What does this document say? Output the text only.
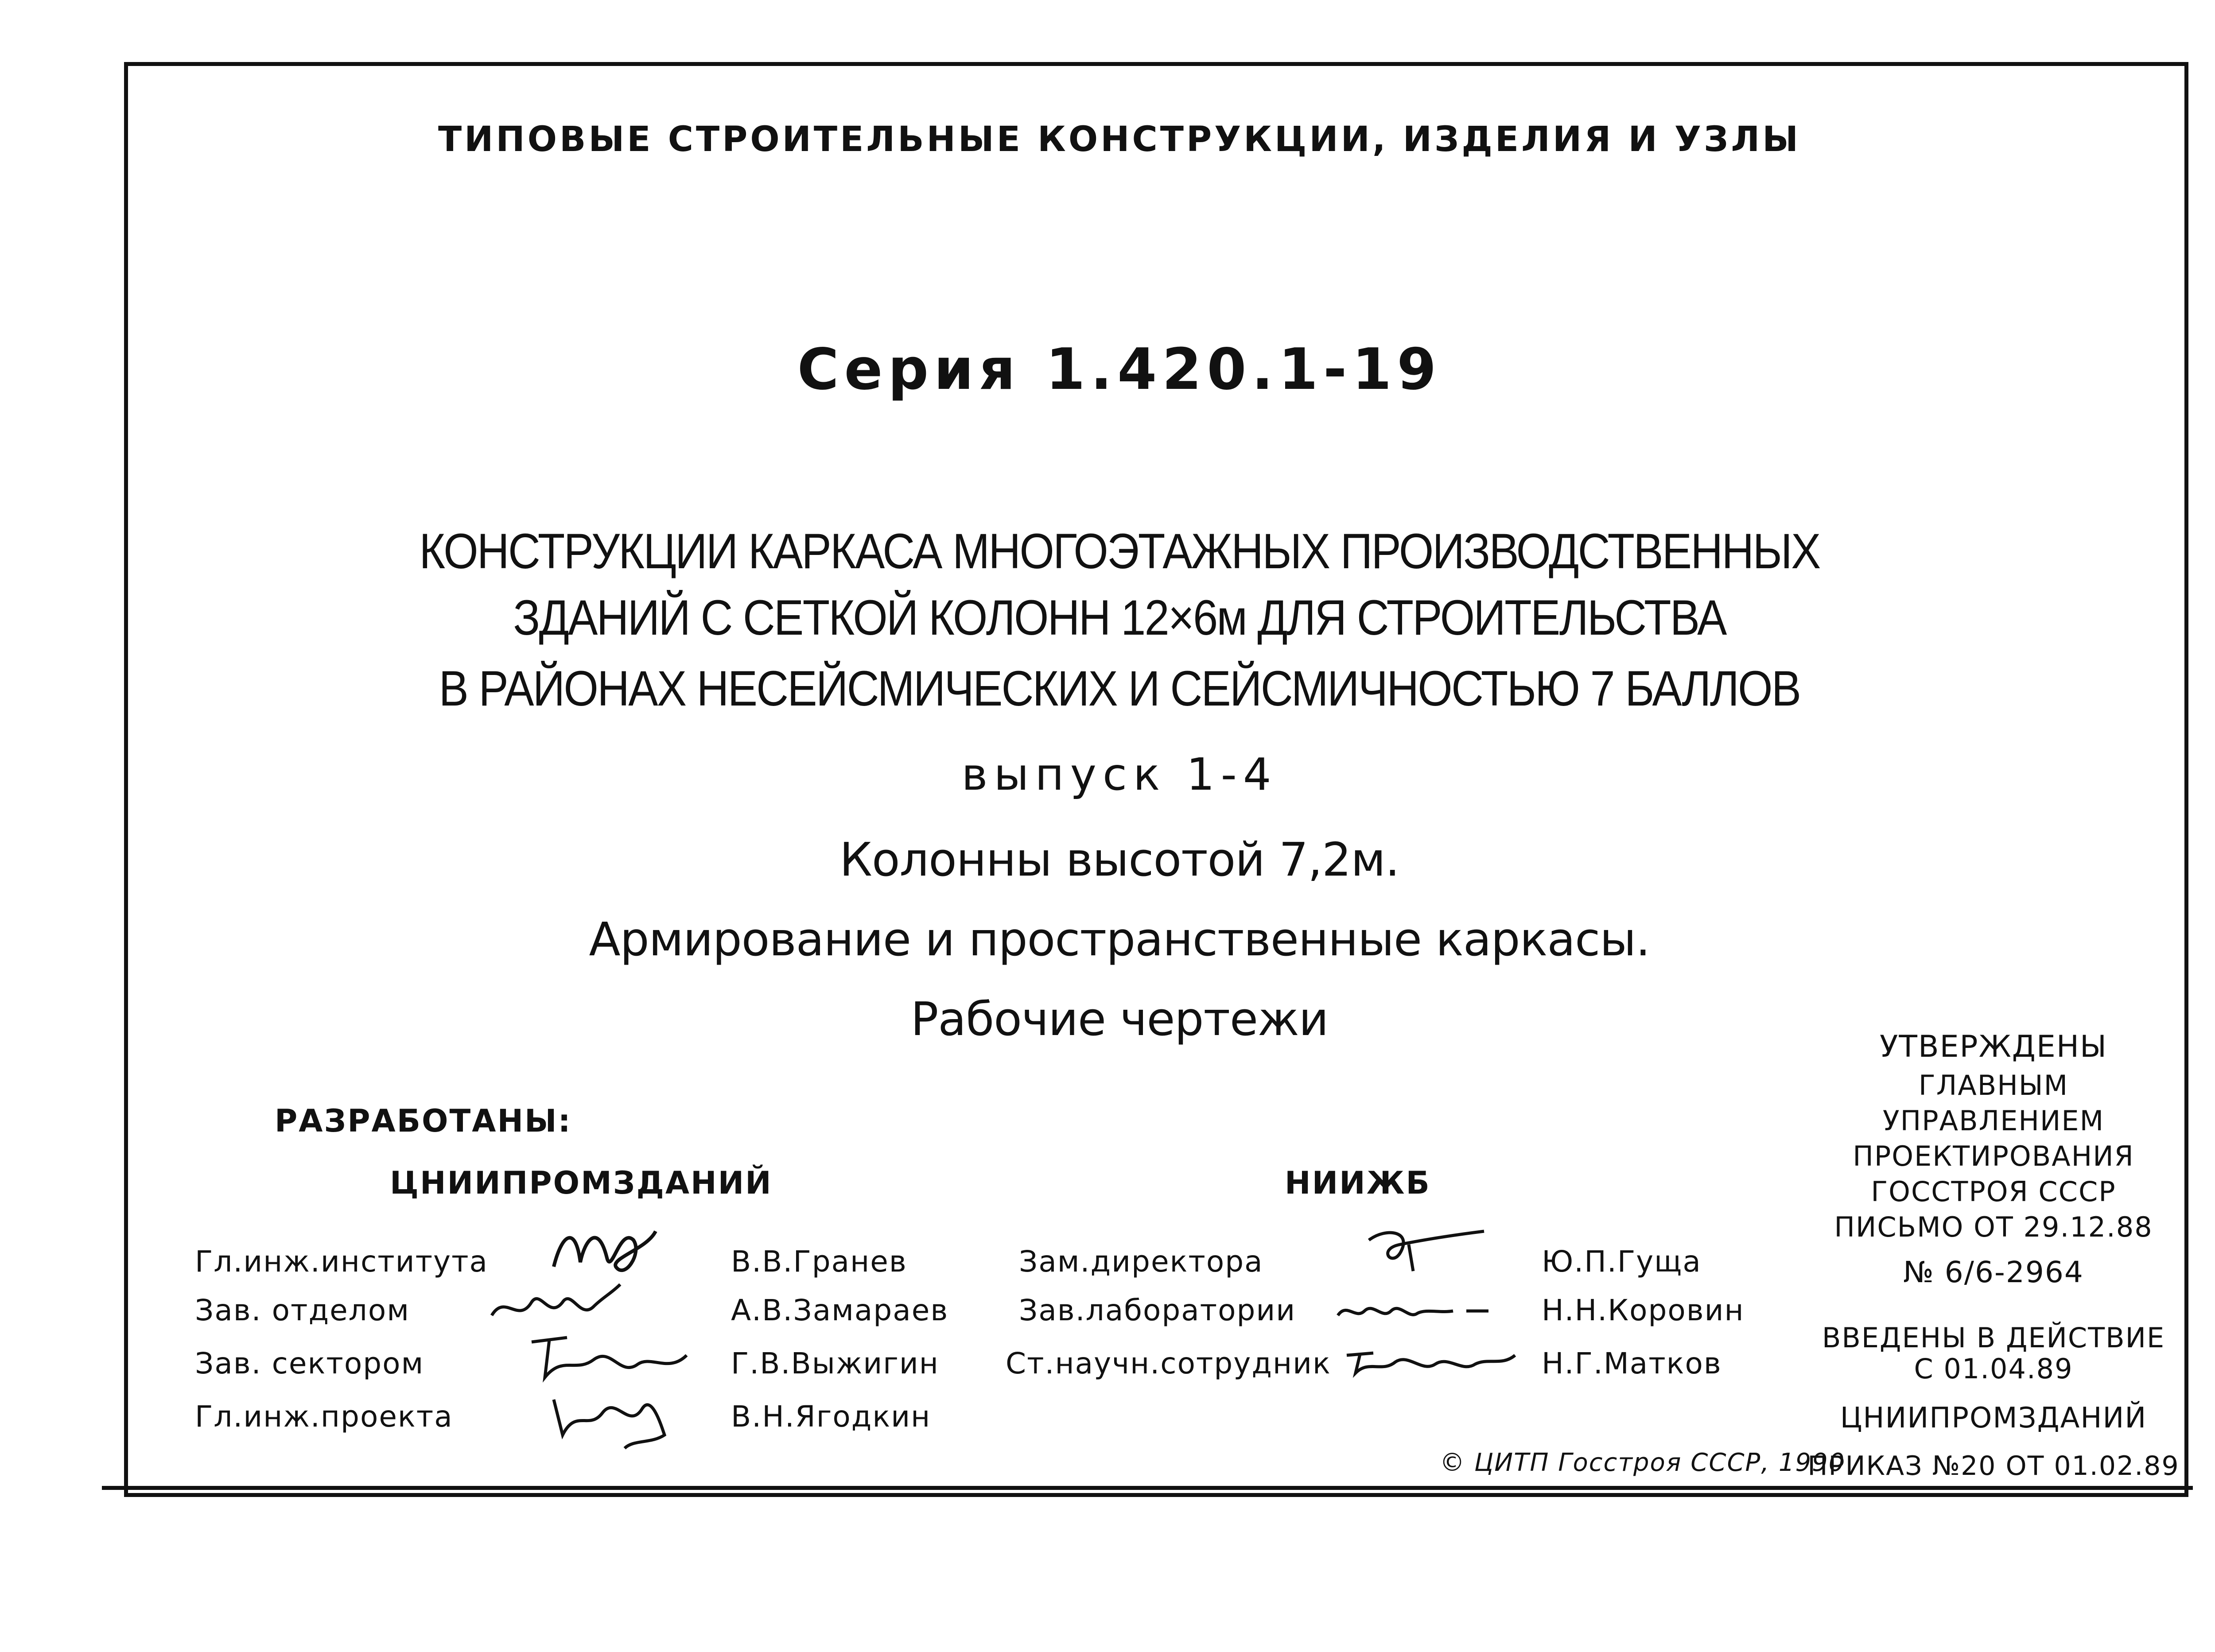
ТИПОВЫЕ СТРОИТЕЛЬНЫЕ КОНСТРУКЦИИ, ИЗДЕЛИЯ И УЗЛЫ
Серия 1.420.1-19
КОНСТРУКЦИИ КАРКАСА МНОГОЭТАЖНЫХ ПРОИЗВОДСТВЕННЫХ
ЗДАНИЙ С СЕТКОЙ КОЛОНН 12×6м ДЛЯ СТРОИТЕЛЬСТВА
В РАЙОНАХ НЕСЕЙСМИЧЕСКИХ И СЕЙСМИЧНОСТЬЮ 7 БАЛЛОВ
выпуск 1-4
Колонны высотой 7,2м.
Армирование и пространственные каркасы.
Рабочие чертежи
РАЗРАБОТАНЫ:
ЦНИИПРОМЗДАНИЙ	НИИЖБ
Гл.инж.института
Зав. отделом
Зав. сектором
Гл.инж.проекта
В.В.Гранев
А.В.Замараев
Г.В.Выжигин
В.Н.Ягодкин
Зам.директора
Зав.лаборатории
Ст.научн.сотрудник
Ю.П.Гуща
Н.Н.Коровин
Н.Г.Матков
© ЦИТП Госстроя СССР, 1990
УТВЕРЖДЕНЫ
ГЛАВНЫМ
УПРАВЛЕНИЕМ
ПРОЕКТИРОВАНИЯ
ГОССТРОЯ СССР
ПИСЬМО ОТ 29.12.88
№ 6/6-2964
ВВЕДЕНЫ В ДЕЙСТВИЕ
С 01.04.89
ЦНИИПРОМЗДАНИЙ
ПРИКАЗ №20 ОТ 01.02.89
